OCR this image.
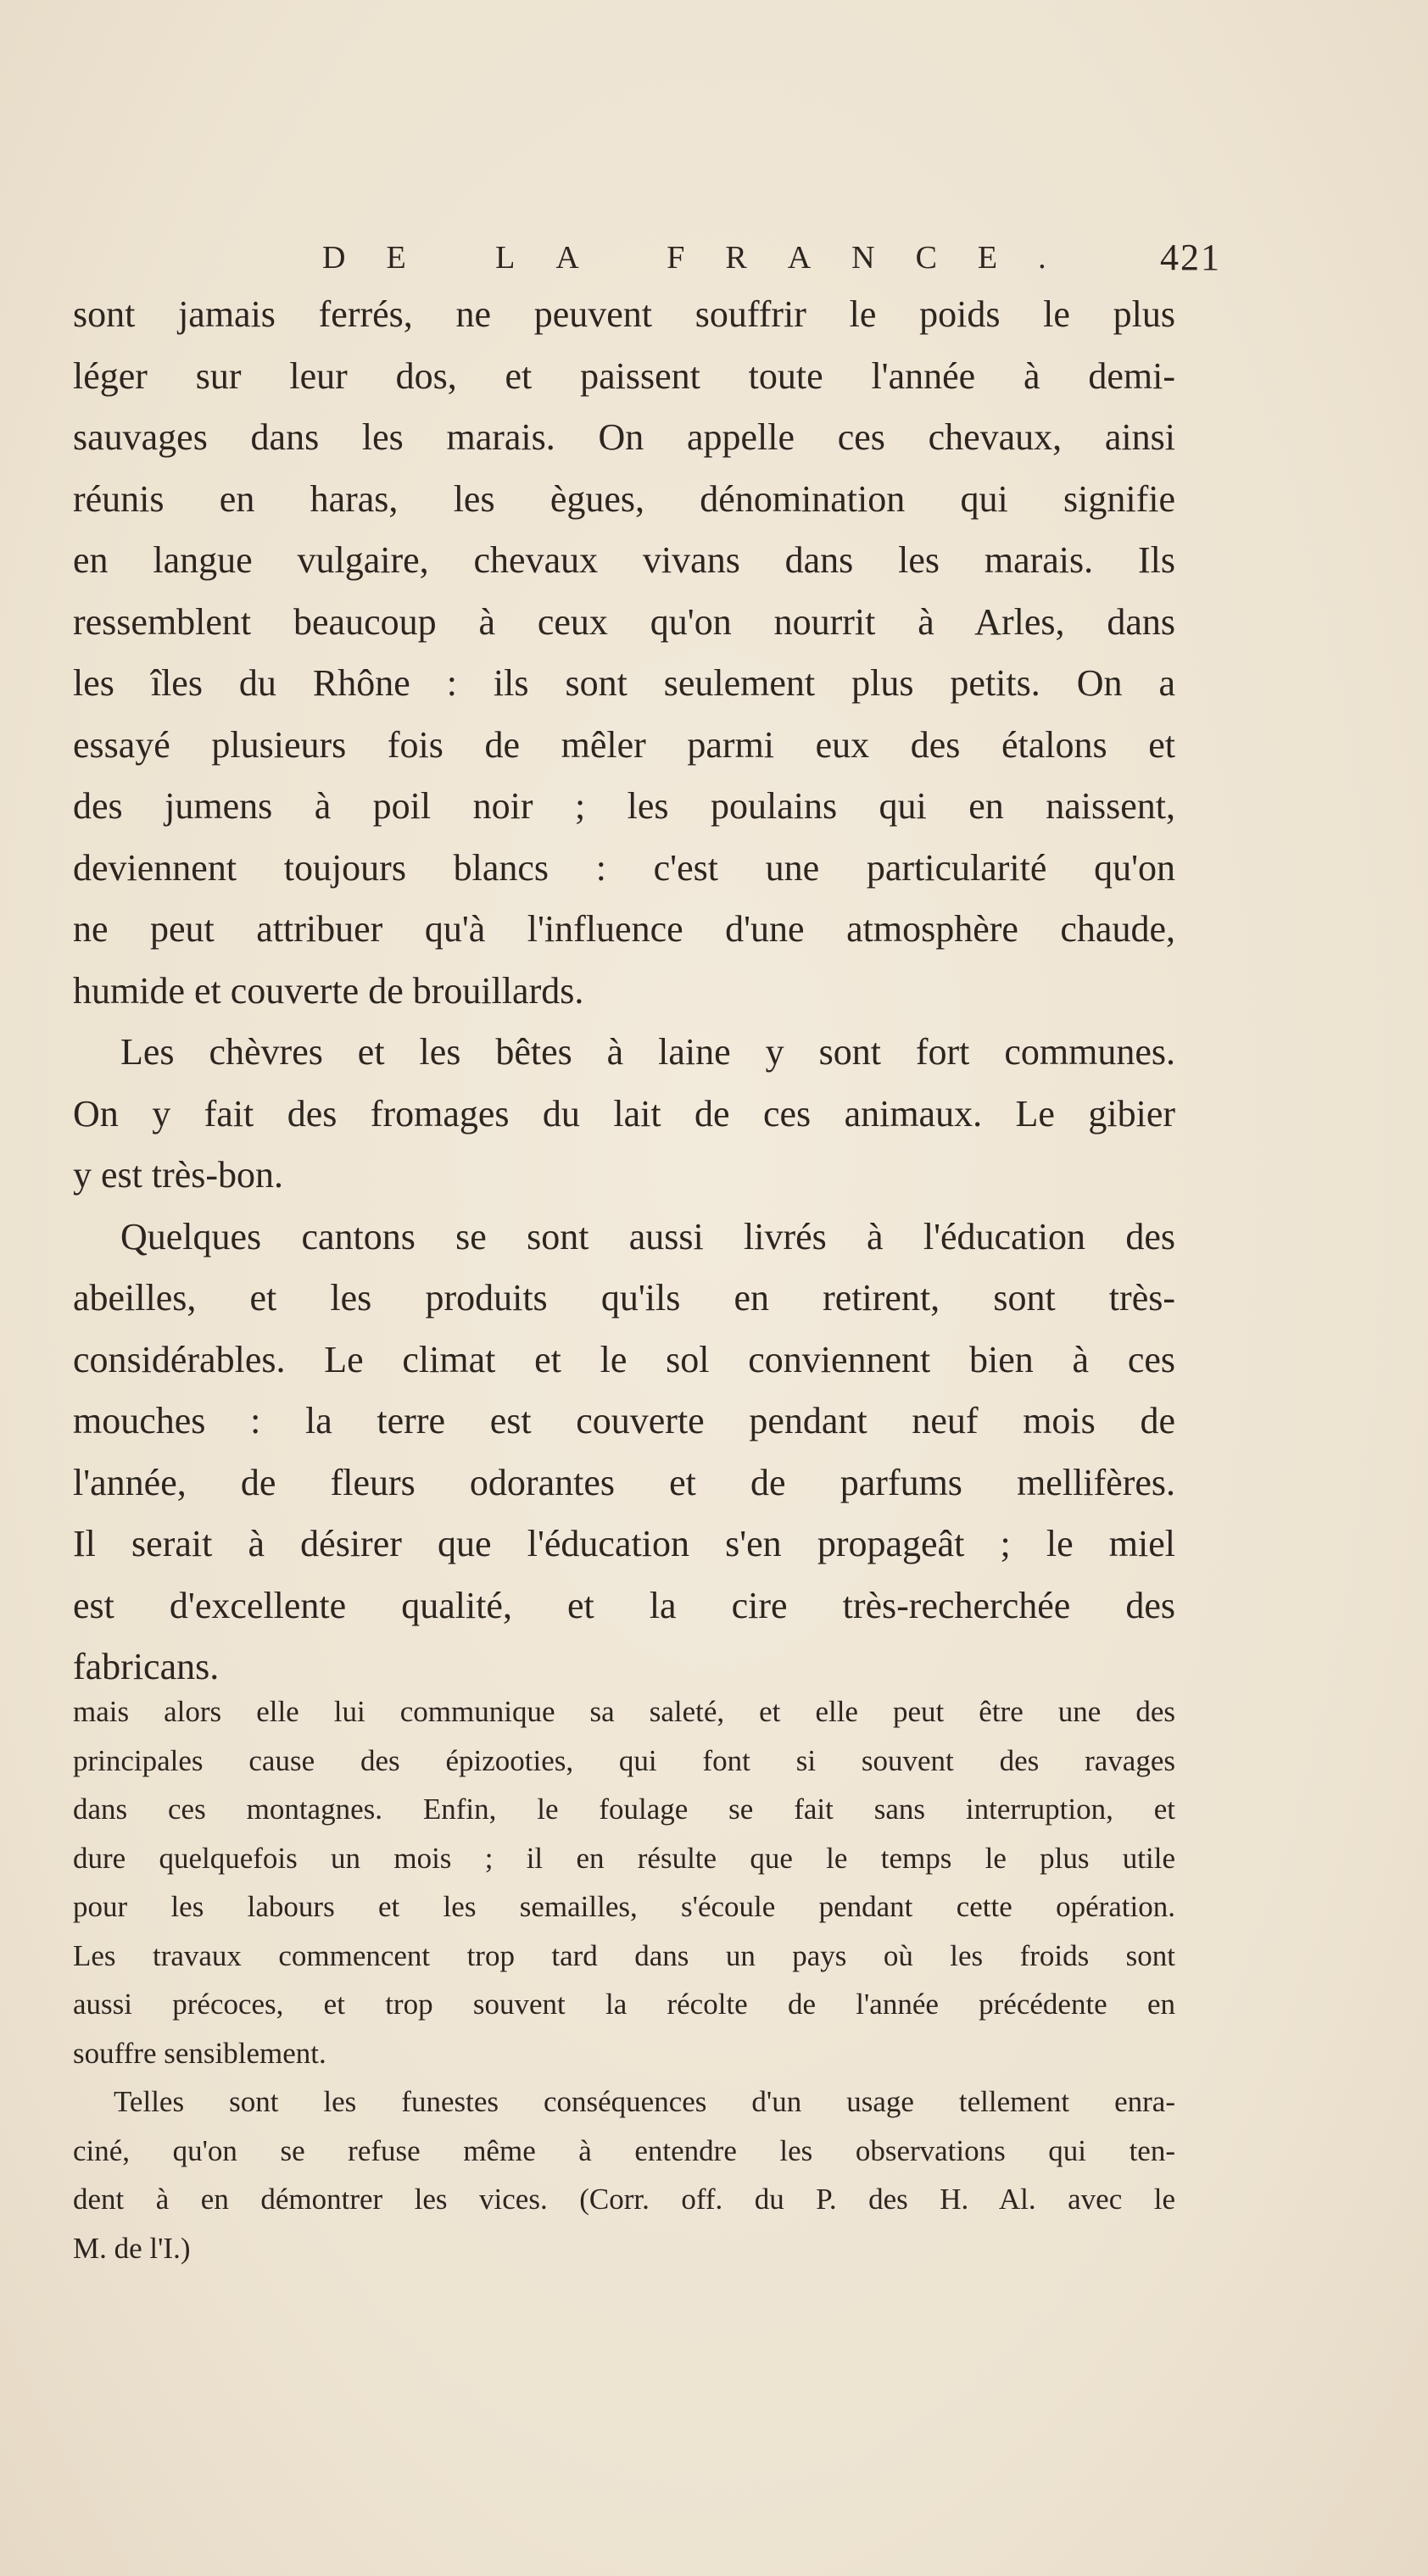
DE LA FRANCE. 421
sont jamais ferrés, ne peuvent souffrir le poids le plus
léger sur leur dos, et paissent toute l'année à demi-
sauvages dans les marais. On appelle ces chevaux, ainsi
réunis en haras, les ègues, dénomination qui signifie
en langue vulgaire, chevaux vivans dans les marais. Ils
ressemblent beaucoup à ceux qu'on nourrit à Arles, dans
les îles du Rhône : ils sont seulement plus petits. On a
essayé plusieurs fois de mêler parmi eux des étalons et
des jumens à poil noir ; les poulains qui en naissent,
deviennent toujours blancs : c'est une particularité qu'on
ne peut attribuer qu'à l'influence d'une atmosphère chaude,
humide et couverte de brouillards.
Les chèvres et les bêtes à laine y sont fort communes.
On y fait des fromages du lait de ces animaux. Le gibier
y est très-bon.
Quelques cantons se sont aussi livrés à l'éducation des
abeilles, et les produits qu'ils en retirent, sont très-
considérables. Le climat et le sol conviennent bien à ces
mouches : la terre est couverte pendant neuf mois de
l'année, de fleurs odorantes et de parfums mellifères.
Il serait à désirer que l'éducation s'en propageât ; le miel
est d'excellente qualité, et la cire très-recherchée des
fabricans.
mais alors elle lui communique sa saleté, et elle peut être une des
principales cause des épizooties, qui font si souvent des ravages
dans ces montagnes. Enfin, le foulage se fait sans interruption, et
dure quelquefois un mois ; il en résulte que le temps le plus utile
pour les labours et les semailles, s'écoule pendant cette opération.
Les travaux commencent trop tard dans un pays où les froids sont
aussi précoces, et trop souvent la récolte de l'année précédente en
souffre sensiblement.
Telles sont les funestes conséquences d'un usage tellement enra-
ciné, qu'on se refuse même à entendre les observations qui ten-
dent à en démontrer les vices. (Corr. off. du P. des H. Al. avec le
M. de l'I.)
